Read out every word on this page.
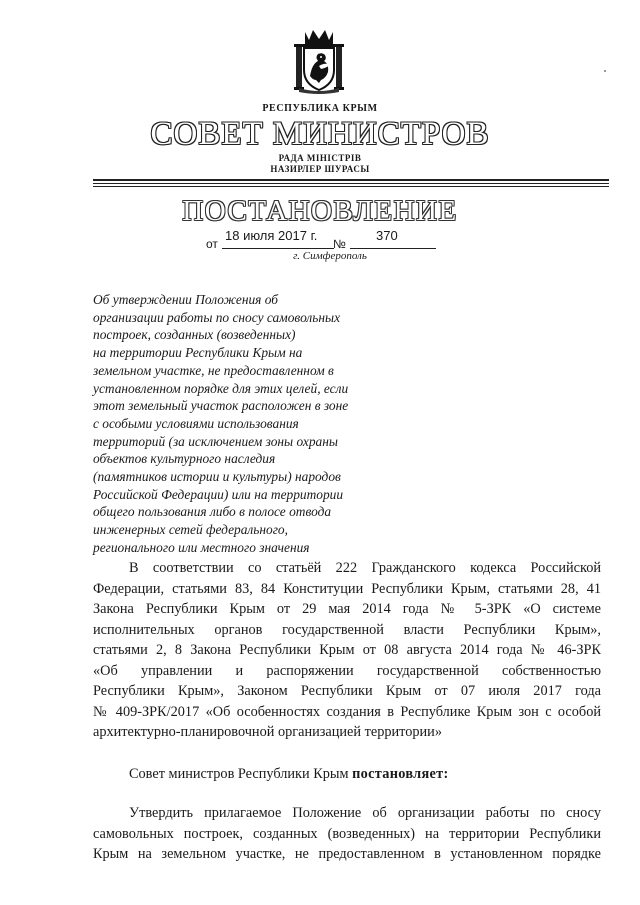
РЕСПУБЛИКА КРЫМ
СОВЕТ МИНИСТРОВ
РАДА МІНІСТРІВ
НАЗИРЛЕР ШУРАСЫ
ПОСТАНОВЛЕНИЕ
от
18 июля 2017 г.
№
370
г. Симферополь
Об утверждении Положения об
организации работы по сносу самовольных
построек, созданных (возведенных)
на территории Республики Крым на
земельном участке, не предоставленном в
установленном порядке для этих целей, если
этот земельный участок расположен в зоне
с особыми условиями использования
территорий (за исключением зоны охраны
объектов культурного наследия
(памятников истории и культуры) народов
Российской Федерации) или на территории
общего пользования либо в полосе отвода
инженерных сетей федерального,
регионального или местного значения
В соответствии со статьёй 222 Гражданского кодекса Российской
Федерации, статьями 83, 84 Конституции Республики Крым, статьями 28, 41
Закона Республики Крым от 29 мая 2014 года № 5-ЗРК «О системе
исполнительных органов государственной власти Республики Крым»,
статьями 2, 8 Закона Республики Крым от 08 августа 2014 года № 46-ЗРК
«Об управлении и распоряжении государственной собственностью
Республики Крым», Законом Республики Крым от 07 июля 2017 года
№ 409-ЗРК/2017 «Об особенностях создания в Республике Крым зон с особой
архитектурно-планировочной организацией территории»
Совет министров Республики Крым постановляет:
Утвердить прилагаемое Положение об организации работы по сносу
самовольных построек, созданных (возведенных) на территории Республики
Крым на земельном участке, не предоставленном в установленном порядке
